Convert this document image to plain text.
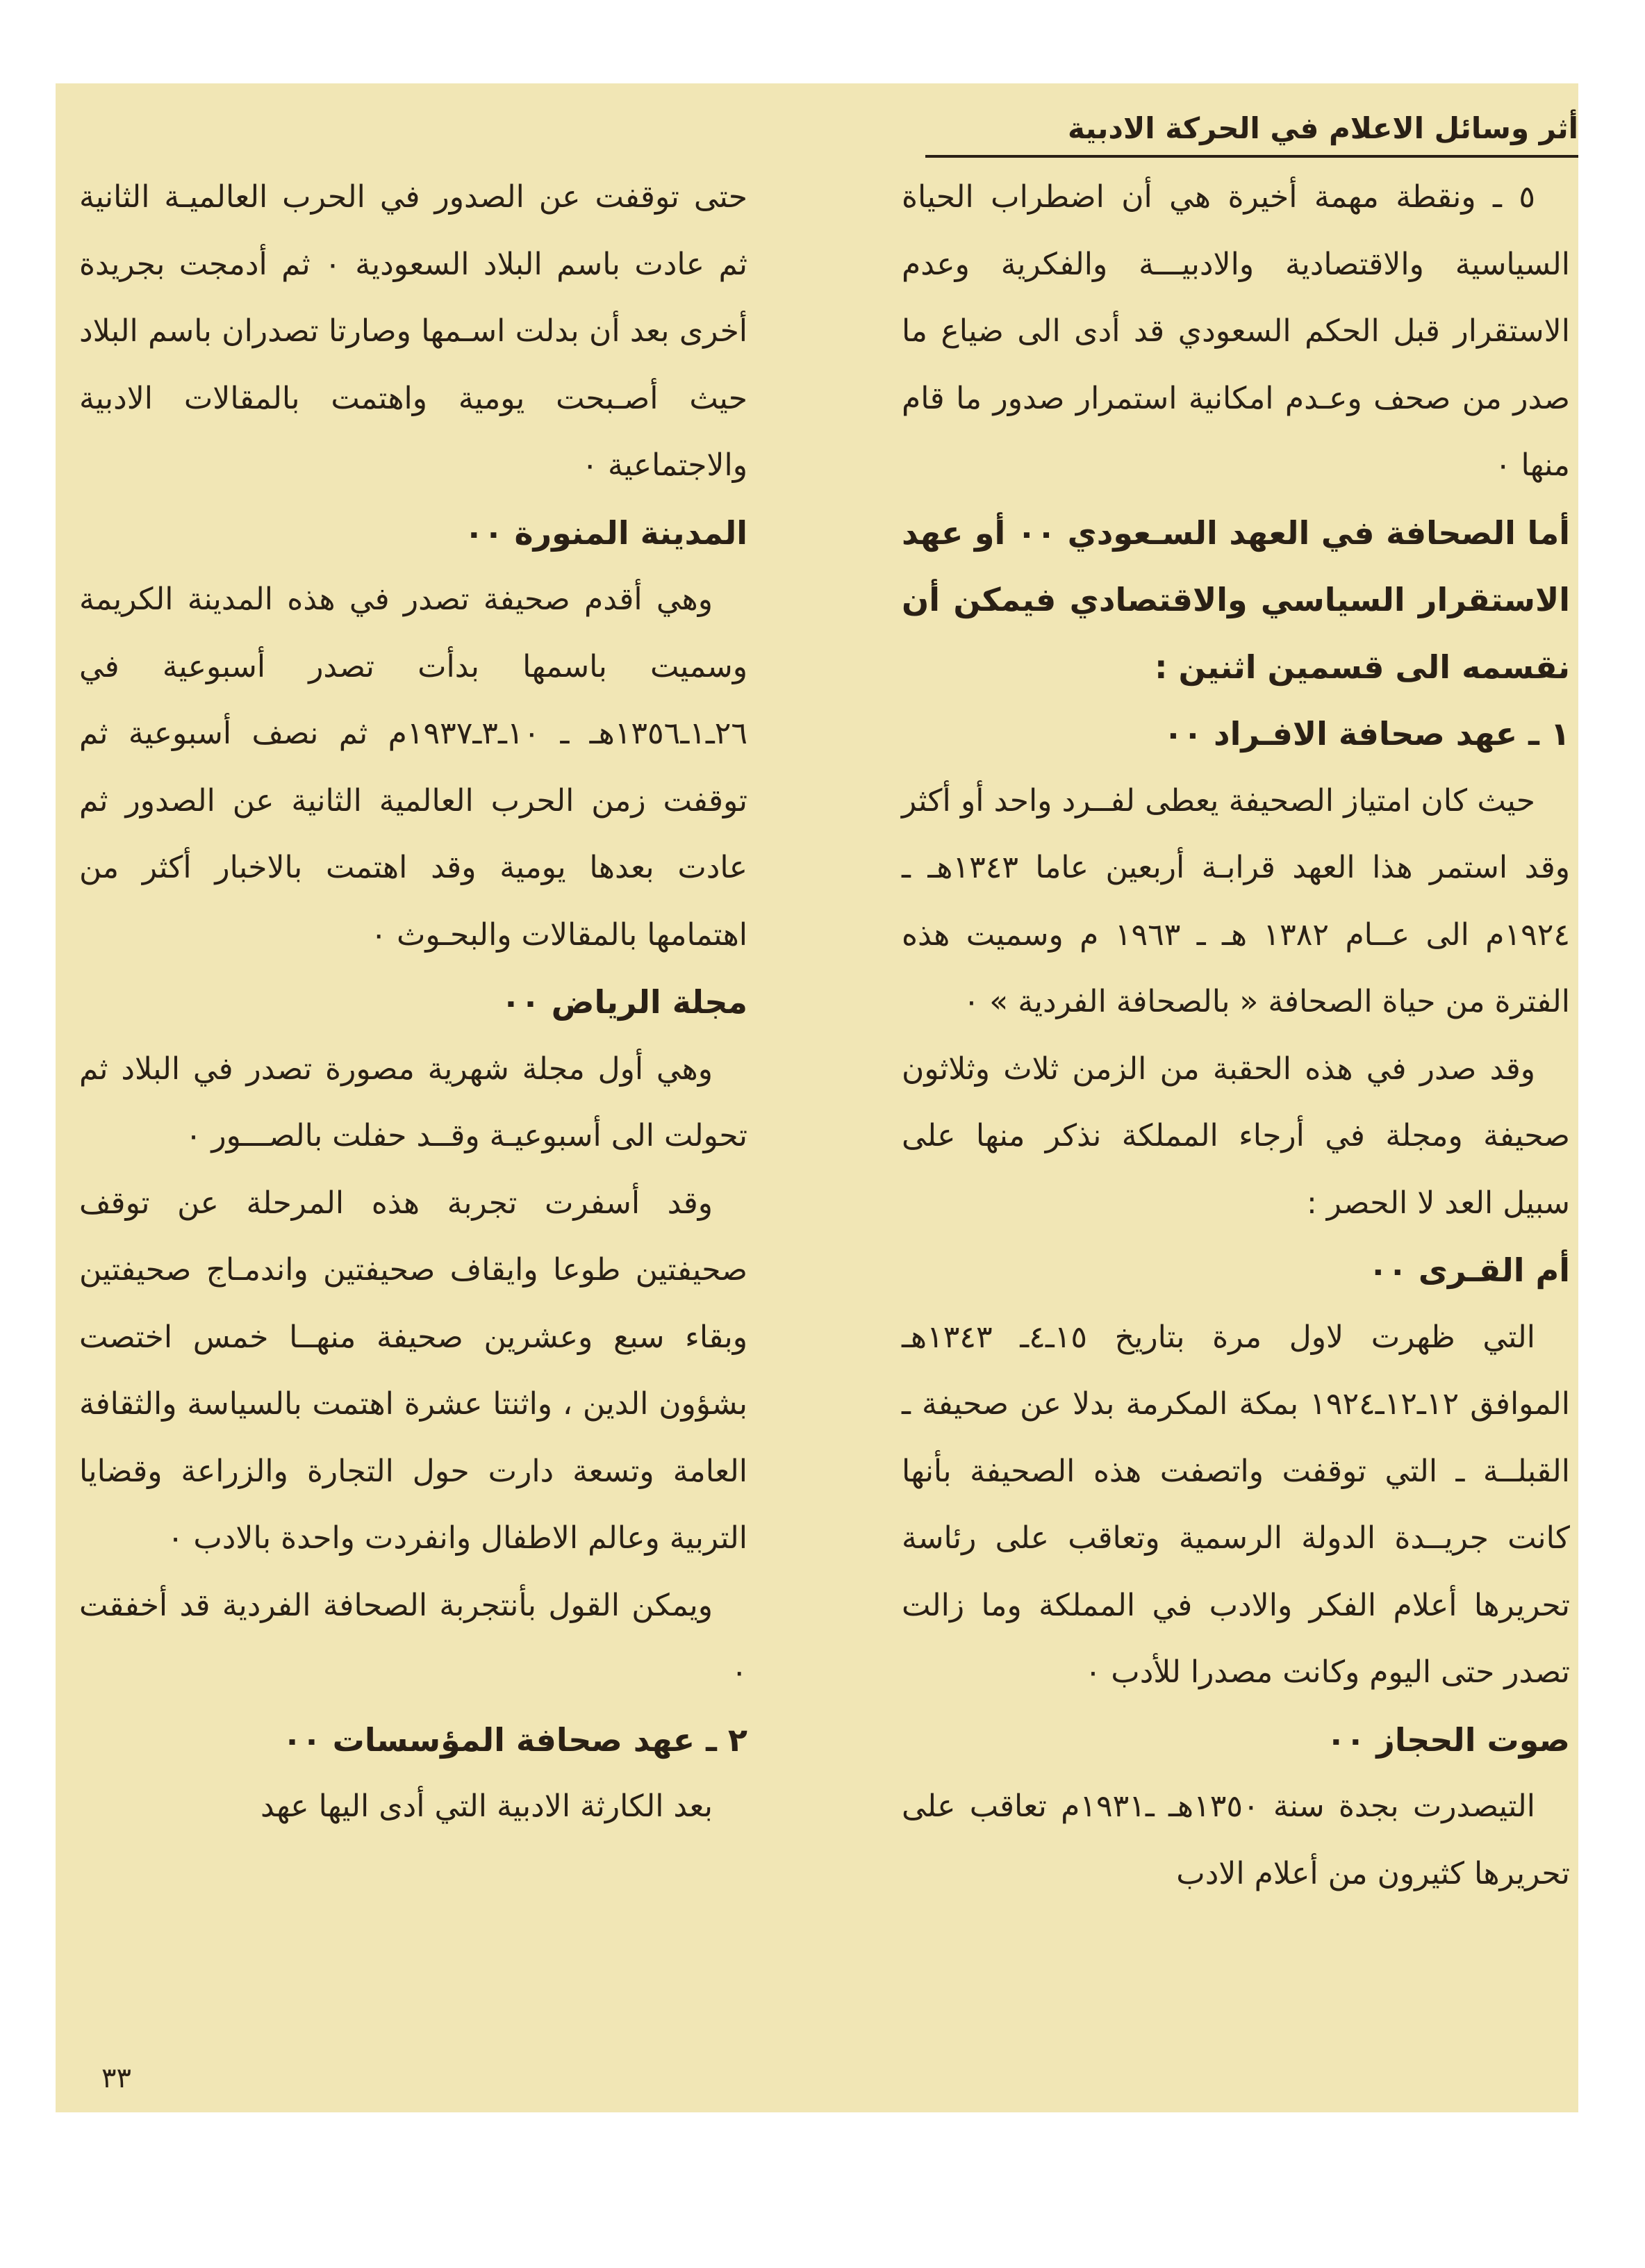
أثر وسائل الاعلام في الحركة الادبية

٥ ـ ونقطة مهمة أخيرة هي أن اضطراب الحياة السياسية والاقتصادية والادبيـــة والفكرية وعدم الاستقرار قبل الحكم السعودي قد أدى الى ضياع ما صدر من صحف وعـدم امكانية استمرار صدور ما قام منها ٠

أما الصحافة في العهد السـعودي ٠٠ أو عهد الاستقرار السياسي والاقتصادي فيمكن أن نقسمه الى قسمين اثنين :

١ ـ عهد صحافة الافـراد ٠٠

حيث كان امتياز الصحيفة يعطى لفــرد واحد أو أكثر وقد استمر هذا العهد قرابـة أربعين عاما ١٣٤٣هـ ـ ١٩٢٤م الى عــام ١٣٨٢ هـ ـ ١٩٦٣ م وسميت هذه الفترة من حياة الصحافة « بالصحافة الفردية » ٠

وقد صدر في هذه الحقبة من الزمن ثلاث وثلاثون صحيفة ومجلة في أرجاء المملكة نذكر منها على سبيل العد لا الحصر :

أم القـرى ٠٠

التي ظهرت لاول مرة بتاريخ ١٥ـ٤ـ ١٣٤٣هـ الموافق ١٢ـ١٢ـ١٩٢٤ بمكة المكرمة بدلا عن صحيفة ـ القبلــة ـ التي توقفت واتصفت هذه الصحيفة بأنها كانت جريــدة الدولة الرسمية وتعاقب على رئاسة تحريرها أعلام الفكر والادب في المملكة وما زالت تصدر حتى اليوم وكانت مصدرا للأدب ٠

صوت الحجاز ٠٠

التيصدرت بجدة سنة ١٣٥٠هـ ـ١٩٣١م تعاقب على تحريرها كثيرون من أعلام الادب

حتى توقفت عن الصدور في الحرب العالميـة الثانية ثم عادت باسم البلاد السعودية ٠ ثم أدمجت بجريدة أخرى بعد أن بدلت اسـمها وصارتا تصدران باسم البلاد حيث أصـبحت يومية واهتمت بالمقالات الادبية والاجتماعية ٠

المدينة المنورة ٠٠

وهي أقدم صحيفة تصدر في هذه المدينة الكريمة وسميت باسمها بدأت تصدر أسبوعية في ٢٦ـ١ـ١٣٥٦هـ ـ ١٠ـ٣ـ١٩٣٧م ثم نصف أسبوعية ثم توقفت زمن الحرب العالمية الثانية عن الصدور ثم عادت بعدها يومية وقد اهتمت بالاخبار أكثر من اهتمامها بالمقالات والبحـوث ٠

مجلة الرياض ٠٠

وهي أول مجلة شهرية مصورة تصدر في البلاد ثم تحولت الى أسبوعيـة وقــد حفلت بالصـــور ٠

وقد أسفرت تجربة هذه المرحلة عن توقف صحيفتين طوعا وايقاف صحيفتين واندمـاج صحيفتين وبقاء سبع وعشرين صحيفة منهــا خمس اختصت بشؤون الدين ، واثنتا عشرة اهتمت بالسياسة والثقافة العامة وتسعة دارت حول التجارة والزراعة وقضايا التربية وعالم الاطفال وانفردت واحدة بالادب ٠

ويمكن القول بأنتجربة الصحافة الفردية قد أخفقت ٠

٢ ـ عهد صحافة المؤسسات ٠٠

بعد الكارثة الادبية التي أدى اليها عهد

٣٣
